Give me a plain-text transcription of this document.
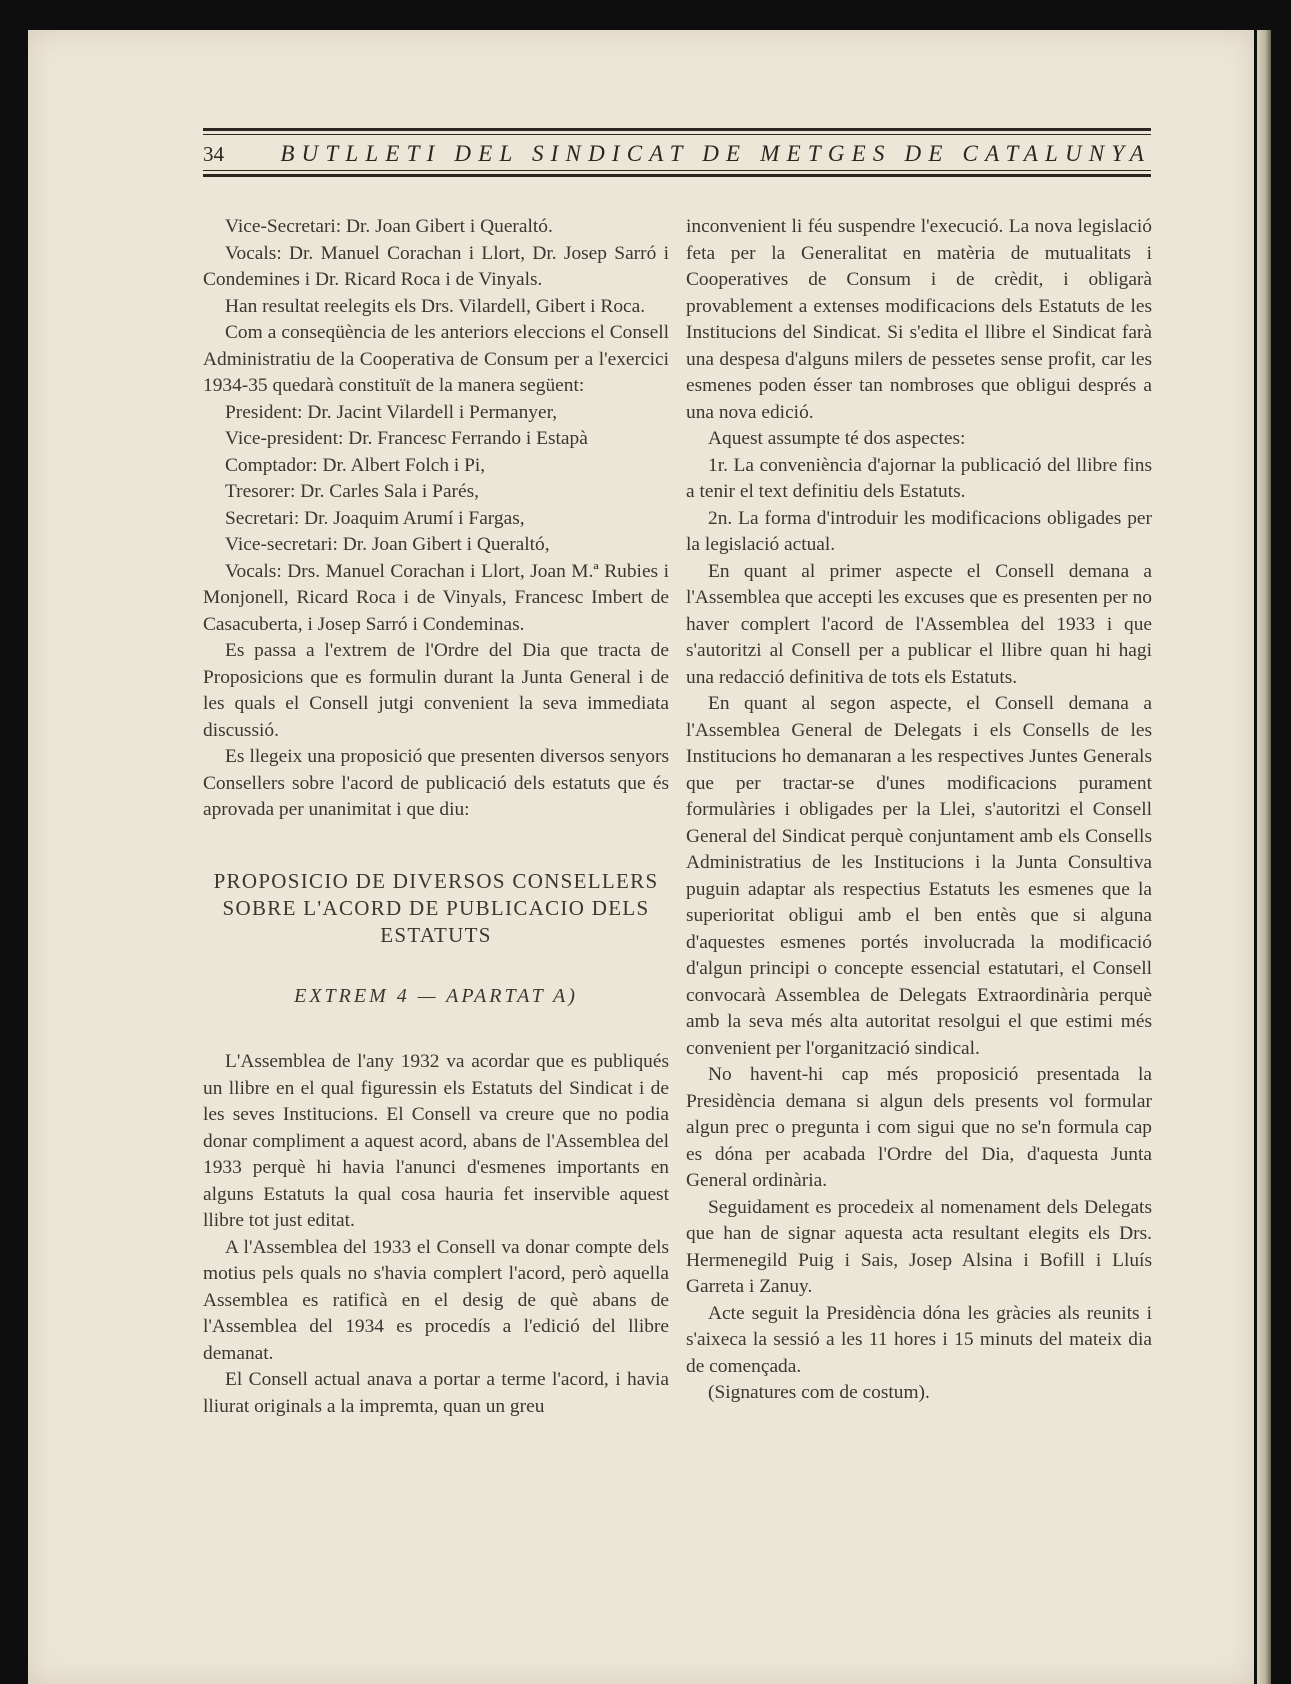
34	BUTLLETI DEL SINDICAT DE METGES DE CATALUNYA

Vice-Secretari: Dr. Joan Gibert i Queraltó.

Vocals: Dr. Manuel Corachan i Llort, Dr. Josep Sarró i Condemines i Dr. Ricard Roca i de Vinyals.

Han resultat reelegits els Drs. Vilardell, Gibert i Roca.

Com a conseqüència de les anteriors eleccions el Consell Administratiu de la Cooperativa de Consum per a l'exercici 1934-35 quedarà constituït de la manera següent:

President: Dr. Jacint Vilardell i Permanyer,

Vice-president: Dr. Francesc Ferrando i Estapà

Comptador: Dr. Albert Folch i Pi,

Tresorer: Dr. Carles Sala i Parés,

Secretari: Dr. Joaquim Arumí i Fargas,

Vice-secretari: Dr. Joan Gibert i Queraltó,

Vocals: Drs. Manuel Corachan i Llort, Joan M.ª Rubies i Monjonell, Ricard Roca i de Vinyals, Francesc Imbert de Casacuberta, i Josep Sarró i Condeminas.

Es passa a l'extrem de l'Ordre del Dia que tracta de Proposicions que es formulin durant la Junta General i de les quals el Consell jutgi convenient la seva immediata discussió.

Es llegeix una proposició que presenten diversos senyors Consellers sobre l'acord de publicació dels estatuts que és aprovada per unanimitat i que diu:

PROPOSICIO DE DIVERSOS CONSELLERS SOBRE L'ACORD DE PUBLICACIO DELS ESTATUTS

EXTREM 4 — APARTAT A)

L'Assemblea de l'any 1932 va acordar que es publiqués un llibre en el qual figuressin els Estatuts del Sindicat i de les seves Institucions. El Consell va creure que no podia donar compliment a aquest acord, abans de l'Assemblea del 1933 perquè hi havia l'anunci d'esmenes importants en alguns Estatuts la qual cosa hauria fet inservible aquest llibre tot just editat.

A l'Assemblea del 1933 el Consell va donar compte dels motius pels quals no s'havia complert l'acord, però aquella Assemblea es ratificà en el desig de què abans de l'Assemblea del 1934 es procedís a l'edició del llibre demanat.

El Consell actual anava a portar a terme l'acord, i havia lliurat originals a la impremta, quan un greu

inconvenient li féu suspendre l'execució. La nova legislació feta per la Generalitat en matèria de mutualitats i Cooperatives de Consum i de crèdit, i obligarà provablement a extenses modificacions dels Estatuts de les Institucions del Sindicat. Si s'edita el llibre el Sindicat farà una despesa d'alguns milers de pessetes sense profit, car les esmenes poden ésser tan nombroses que obligui després a una nova edició.

Aquest assumpte té dos aspectes:

1r. La conveniència d'ajornar la publicació del llibre fins a tenir el text definitiu dels Estatuts.

2n. La forma d'introduir les modificacions obligades per la legislació actual.

En quant al primer aspecte el Consell demana a l'Assemblea que accepti les excuses que es presenten per no haver complert l'acord de l'Assemblea del 1933 i que s'autoritzi al Consell per a publicar el llibre quan hi hagi una redacció definitiva de tots els Estatuts.

En quant al segon aspecte, el Consell demana a l'Assemblea General de Delegats i els Consells de les Institucions ho demanaran a les respectives Juntes Generals que per tractar-se d'unes modificacions purament formulàries i obligades per la Llei, s'autoritzi el Consell General del Sindicat perquè conjuntament amb els Consells Administratius de les Institucions i la Junta Consultiva puguin adaptar als respectius Estatuts les esmenes que la superioritat obligui amb el ben entès que si alguna d'aquestes esmenes portés involucrada la modificació d'algun principi o concepte essencial estatutari, el Consell convocarà Assemblea de Delegats Extraordinària perquè amb la seva més alta autoritat resolgui el que estimi més convenient per l'organització sindical.

No havent-hi cap més proposició presentada la Presidència demana si algun dels presents vol formular algun prec o pregunta i com sigui que no se'n formula cap es dóna per acabada l'Ordre del Dia, d'aquesta Junta General ordinària.

Seguidament es procedeix al nomenament dels Delegats que han de signar aquesta acta resultant elegits els Drs. Hermenegild Puig i Sais, Josep Alsina i Bofill i Lluís Garreta i Zanuy.

Acte seguit la Presidència dóna les gràcies als reunits i s'aixeca la sessió a les 11 hores i 15 minuts del mateix dia de començada.

(Signatures com de costum).
